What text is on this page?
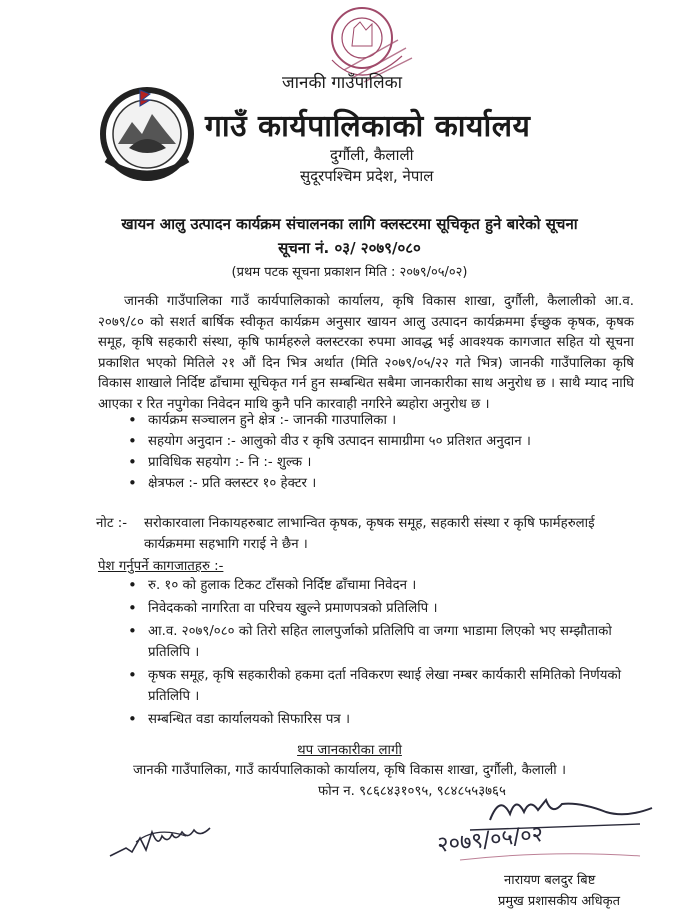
जानकी गाउँपालिका
गाउँ कार्यपालिकाको कार्यालय
दुर्गौली, कैलाली
सुदूरपश्चिम प्रदेश, नेपाल
खायन आलु उत्पादन कार्यक्रम संचालनका लागि क्लस्टरमा सूचिकृत हुने बारेको सूचना
सूचना नं. ०३/ २०७९/०८०
(प्रथम पटक सूचना प्रकाशन मिति : २०७९/०५/०२)
जानकी गाउँपालिका गाउँ कार्यपालिकाको कार्यालय, कृषि विकास शाखा, दुर्गौली, कैलालीको आ.व. २०७९/८० को सशर्त बार्षिक स्वीकृत कार्यक्रम अनुसार खायन आलु उत्पादन कार्यक्रममा ईच्छुक कृषक, कृषक समूह, कृषि सहकारी संस्था, कृषि फार्महरुले क्लस्टरका रुपमा आवद्ध भई आवश्यक कागजात सहित यो सूचना प्रकाशित भएको मितिले २१ औं दिन भित्र अर्थात (मिति २०७९/०५/२२ गते भित्र) जानकी गाउँपालिका कृषि विकास शाखाले निर्दिष्ट ढाँचामा सूचिकृत गर्न हुन सम्बन्धित सबैमा जानकारीका साथ अनुरोध छ । साथै म्याद नाघि आएका र रित नपुगेका निवेदन माथि कुनै पनि कारवाही नगरिने ब्यहोरा अनुरोध छ ।
• कार्यक्रम सञ्चालन हुने क्षेत्र :- जानकी गाउपालिका ।
• सहयोग अनुदान :- आलुको वीउ र कृषि उत्पादन सामाग्रीमा ५० प्रतिशत अनुदान ।
• प्राविधिक सहयोग :- नि :- शुल्क ।
• क्षेत्रफल :- प्रति क्लस्टर १० हेक्टर ।
नोट :-	सरोकारवाला निकायहरुबाट लाभान्वित कृषक, कृषक समूह, सहकारी संस्था र कृषि फार्महरुलाई कार्यक्रममा सहभागि गराई ने छैन ।
पेश गर्नुपर्ने कागजातहरु :-
• रु. १० को हुलाक टिकट टाँसको निर्दिष्ट ढाँचामा निवेदन ।
• निवेदकको नागरिता वा परिचय खुल्ने प्रमाणपत्रको प्रतिलिपि ।
• आ.व. २०७९/०८० को तिरो सहित लालपुर्जाको प्रतिलिपि वा जग्गा भाडामा लिएको भए सम्झौताको प्रतिलिपि ।
• कृषक समूह, कृषि सहकारीको हकमा दर्ता नविकरण स्थाई लेखा नम्बर कार्यकारी समितिको निर्णयको प्रतिलिपि ।
• सम्बन्धित वडा कार्यालयको सिफारिस पत्र ।
थप जानकारीका लागी
जानकी गाउँपालिका, गाउँ कार्यपालिकाको कार्यालय, कृषि विकास शाखा, दुर्गौली, कैलाली ।
फोन न. ९८६८४३१०९५, ९८४८५५३७६५
२०७९/०५/०२
नारायण बलदुर बिष्ट
प्रमुख प्रशासकीय अधिकृत
